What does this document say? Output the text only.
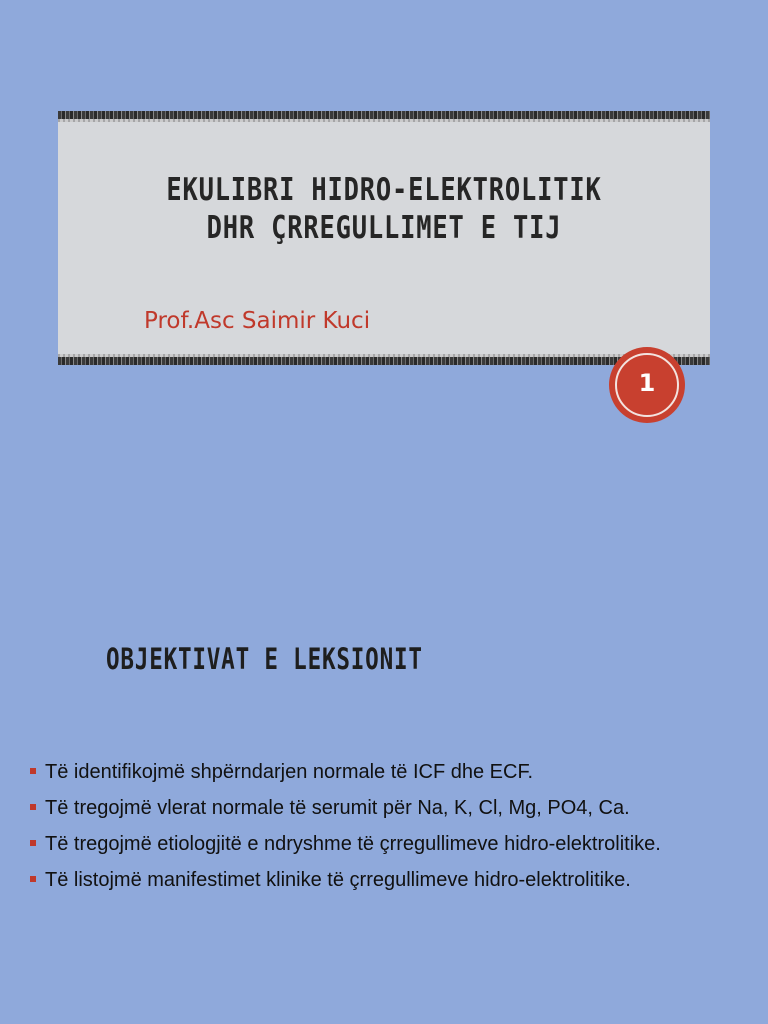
EKULIBRI HIDRO-ELEKTROLITIK
DHR ÇRREGULLIMET E TIJ
Prof.Asc Saimir Kuci
1
OBJEKTIVAT E LEKSIONIT
Të identifikojmë shpërndarjen normale të ICF dhe ECF.
Të tregojmë vlerat normale të serumit për Na, K, Cl, Mg, PO4, Ca.
Të tregojmë etiologjitë e ndryshme të çrregullimeve hidro-elektrolitike.
Të listojmë manifestimet klinike të çrregullimeve hidro-elektrolitike.
